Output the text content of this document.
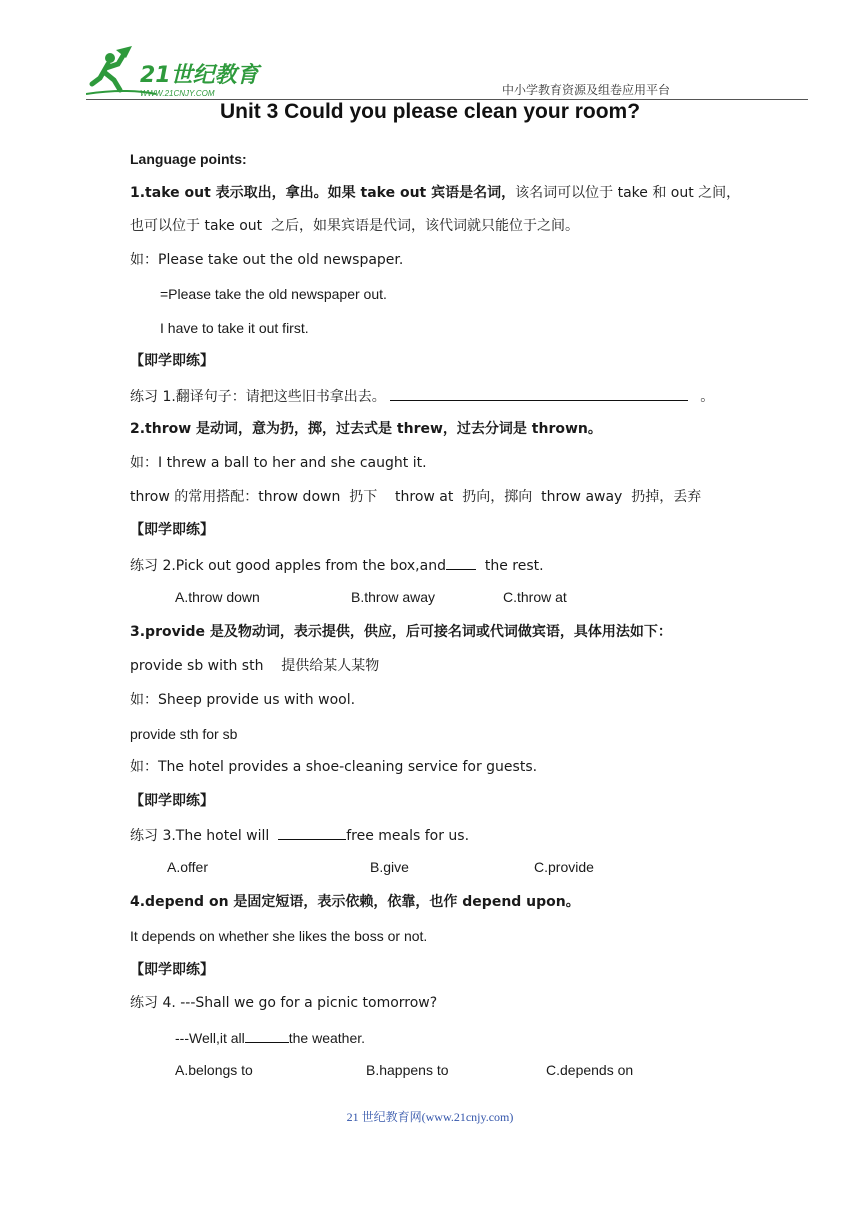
21世纪教育
WWW.21CNJY.COM	中小学教育资源及组卷应用平台
Unit 3 Could you please clean your room?
Language points:
1.take out 表示取出，拿出。如果 take out 宾语是名词，该名词可以位于 take 和 out 之间，
也可以位于 take out  之后，如果宾语是代词，该代词就只能位于之间。
如：Please take out the old newspaper.
=Please take the old newspaper out.
I have to take it out first.
【即学即练】
练习 1.翻译句子：请把这些旧书拿出去。	。
2.throw 是动词，意为扔，掷，过去式是 threw，过去分词是 thrown。
如：I threw a ball to her and she caught it.
throw 的常用搭配：throw down  扔下    throw at  扔向，掷向  throw away  扔掉，丢弃
【即学即练】
练习 2.Pick out good apples from the box,and  the rest.
A.throw down	B.throw away	C.throw at
3.provide 是及物动词，表示提供，供应，后可接名词或代词做宾语，具体用法如下：
provide sb with sth    提供给某人某物
如：Sheep provide us with wool.
provide sth for sb
如：The hotel provides a shoe-cleaning service for guests.
【即学即练】
练习 3.The hotel will	free meals for us.
A.offer	B.give	C.provide
4.depend on 是固定短语，表示依赖，依靠，也作 depend upon。
It depends on whether she likes the boss or not.
【即学即练】
练习 4. ---Shall we go for a picnic tomorrow?
---Well,it all	the weather.
A.belongs to	B.happens to	C.depends on
21 世纪教育网(www.21cnjy.com)
